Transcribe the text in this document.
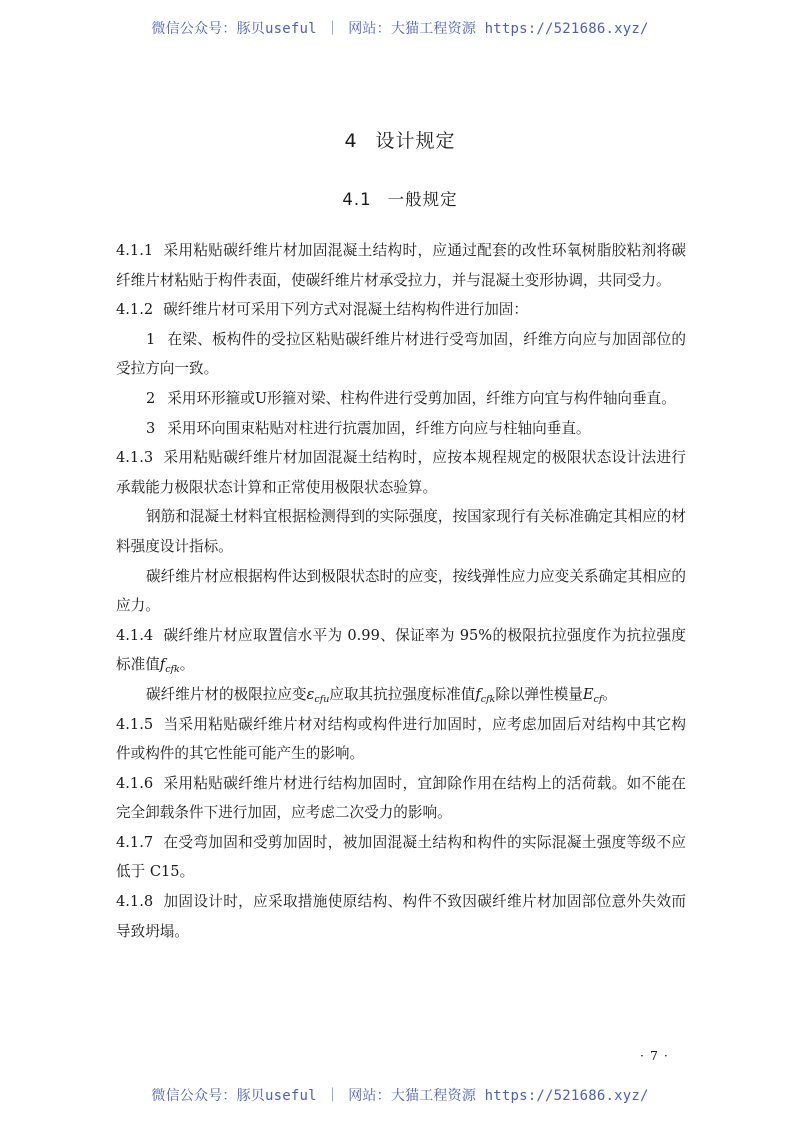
微信公众号：豚贝useful ｜ 网站：大猫工程资源 https://521686.xyz/
4 设计规定
4.1 一般规定

4.1.1 采用粘贴碳纤维片材加固混凝土结构时，应通过配套的改性环氧树脂胶粘剂将碳纤维片材粘贴于构件表面，使碳纤维片材承受拉力，并与混凝土变形协调，共同受力。

4.1.2 碳纤维片材可采用下列方式对混凝土结构构件进行加固：

1 在梁、板构件的受拉区粘贴碳纤维片材进行受弯加固，纤维方向应与加固部位的受拉方向一致。

2 采用环形箍或U形箍对梁、柱构件进行受剪加固，纤维方向宜与构件轴向垂直。

3 采用环向围束粘贴对柱进行抗震加固，纤维方向应与柱轴向垂直。

4.1.3 采用粘贴碳纤维片材加固混凝土结构时，应按本规程规定的极限状态设计法进行承载能力极限状态计算和正常使用极限状态验算。

钢筋和混凝土材料宜根据检测得到的实际强度，按国家现行有关标准确定其相应的材料强度设计指标。

碳纤维片材应根据构件达到极限状态时的应变，按线弹性应力应变关系确定其相应的应力。

4.1.4 碳纤维片材应取置信水平为 0.99、保证率为 95%的极限抗拉强度作为抗拉强度标准值$f_{cfk}$。

碳纤维片材的极限拉应变$\varepsilon_{cfu}$应取其抗拉强度标准值$f_{cfk}$除以弹性模量$E_{cf}$。

4.1.5 当采用粘贴碳纤维片材对结构或构件进行加固时，应考虑加固后对结构中其它构件或构件的其它性能可能产生的影响。

4.1.6 采用粘贴碳纤维片材进行结构加固时，宜卸除作用在结构上的活荷载。如不能在完全卸载条件下进行加固，应考虑二次受力的影响。

4.1.7 在受弯加固和受剪加固时，被加固混凝土结构和构件的实际混凝土强度等级不应低于 C15。

4.1.8 加固设计时，应采取措施使原结构、构件不致因碳纤维片材加固部位意外失效而导致坍塌。

· 7 ·
微信公众号：豚贝useful ｜ 网站：大猫工程资源 https://521686.xyz/
